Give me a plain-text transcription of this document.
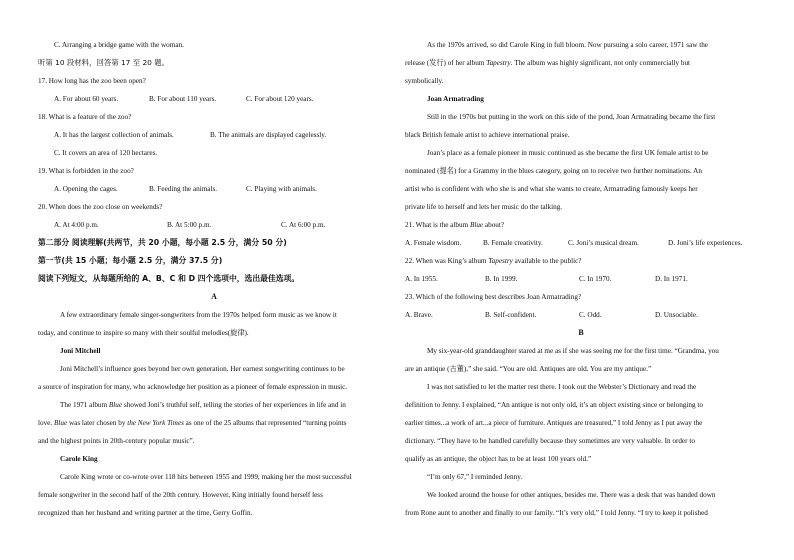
C. Arranging a bridge game with the woman.
听第 10 段材料，回答第 17 至 20 题。
17. How long has the zoo been open?
A. For about 60 years.	B. For about 110 years.	C. For about 120 years.
18. What is a feature of the zoo?
A. It has the largest collection of animals.	B. The animals are displayed cagelessly.
C. It covers an area of 120 hectares.
19. What is forbidden in the zoo?
A. Opening the cages.	B. Feeding the animals.	C. Playing with animals.
20. When does the zoo close on weekends?
A. At 4:00 p.m.	B. At 5:00 p.m.	C. At 6:00 p.m.
第二部分 阅读理解(共两节，共 20 小题，每小题 2.5 分，满分 50 分)
第一节(共 15 小题；每小题 2.5 分，满分 37.5 分)
阅读下列短文，从每题所给的 A、B、C 和 D 四个选项中，选出最佳选项。
A
A few extraordinary female singer-songwriters from the 1970s helped form music as we know it
today, and continue to inspire so many with their soulful melodies(旋律).
Joni Mitchell
Joni Mitchell’s influence goes beyond her own generation. Her earnest songwriting continues to be
a source of inspiration for many, who acknowledge her position as a pioneer of female expression in music.
The 1971 album Blue showed Joni’s truthful self, telling the stories of her experiences in life and in
love. Blue was later chosen by the New York Times as one of the 25 albums that represented “turning points
and the highest points in 20th-century popular music”.
Carole King
Carole King wrote or co-wrote over 118 hits between 1955 and 1999, making her the most successful
female songwriter in the second half of the 20th century. However, King initially found herself less
recognized than her husband and writing partner at the time, Gerry Goffin.
As the 1970s arrived, so did Carole King in full bloom. Now pursuing a solo career, 1971 saw the
release (发行) of her album Tapestry. The album was highly significant, not only commercially but
symbolically.
Joan Armatrading
Still in the 1970s but putting in the work on this side of the pond, Joan Armatrading became the first
black British female artist to achieve international praise.
Joan’s place as a female pioneer in music continued as she became the first UK female artist to be
nominated (提名) for a Grammy in the blues category, going on to receive two further nominations. An
artist who is confident with who she is and what she wants to create, Armatrading famously keeps her
private life to herself and lets her music do the talking.
21. What is the album Blue about?
A. Female wisdom.	B. Female creativity.	C. Joni’s musical dream.	D. Joni’s life experiences.
22. When was King’s album Tapestry available to the public?
A. In 1955.	B. In 1999.	C. In 1970.	D. In 1971.
23. Which of the following best describes Joan Armatrading?
A. Brave.	B. Self-confident.	C. Odd.	D. Unsociable.
B
My six-year-old granddaughter stared at me as if she was seeing me for the first time. “Grandma, you
are an antique (古董),” she said. “You are old. Antiques are old. You are my antique.”
I was not satisfied to let the matter rest there. I took out the Webster’s Dictionary and read the
definition to Jenny. I explained, “An antique is not only old, it’s an object existing since or belonging to
earlier times...a work of art...a piece of furniture. Antiques are treasured,” I told Jenny as I put away the
dictionary. “They have to be handled carefully because they sometimes are very valuable. In order to
qualify as an antique, the object has to be at least 100 years old.”
“I’m only 67,” I reminded Jenny.
We looked around the house for other antiques, besides me. There was a desk that was handed down
from Rone aunt to another and finally to our family. “It’s very old,” I told Jenny. “I try to keep it polished
